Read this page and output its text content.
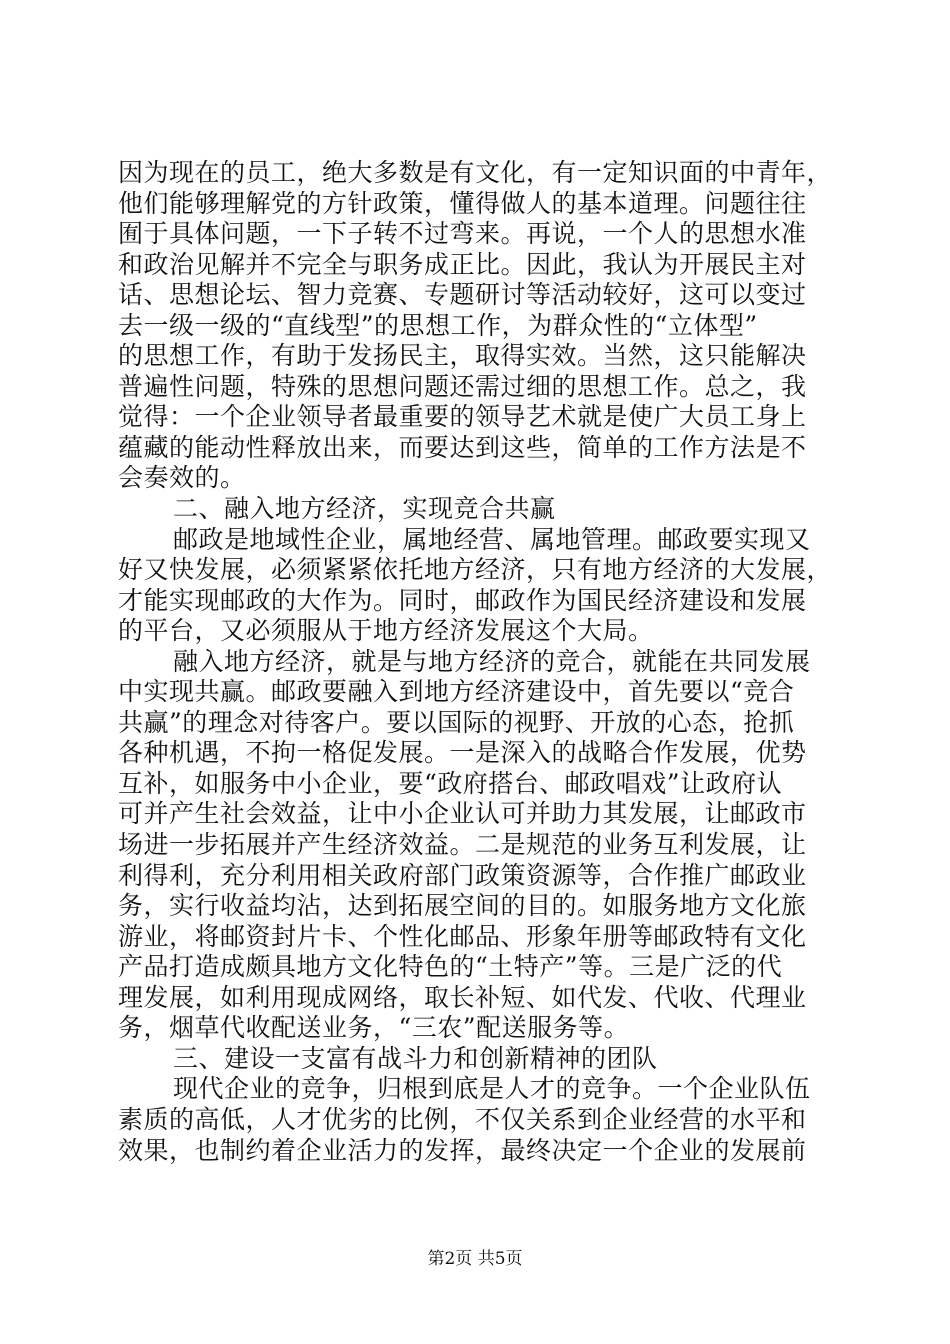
因为现在的员工，绝大多数是有文化，有一定知识面的中青年，
他们能够理解党的方针政策，懂得做人的基本道理。问题往往
囿于具体问题，一下子转不过弯来。再说，一个人的思想水准
和政治见解并不完全与职务成正比。因此，我认为开展民主对
话、思想论坛、智力竞赛、专题研讨等活动较好，这可以变过
去一级一级的“直线型”的思想工作，为群众性的“立体型”
的思想工作，有助于发扬民主，取得实效。当然，这只能解决
普遍性问题，特殊的思想问题还需过细的思想工作。总之，我
觉得：一个企业领导者最重要的领导艺术就是使广大员工身上
蕴藏的能动性释放出来，而要达到这些，简单的工作方法是不
会奏效的。
二、融入地方经济，实现竞合共赢
邮政是地域性企业，属地经营、属地管理。邮政要实现又
好又快发展，必须紧紧依托地方经济，只有地方经济的大发展，
才能实现邮政的大作为。同时，邮政作为国民经济建设和发展
的平台，又必须服从于地方经济发展这个大局。
融入地方经济，就是与地方经济的竞合，就能在共同发展
中实现共赢。邮政要融入到地方经济建设中，首先要以“竞合
共赢”的理念对待客户。要以国际的视野、开放的心态，抢抓
各种机遇，不拘一格促发展。一是深入的战略合作发展，优势
互补，如服务中小企业，要“政府搭台、邮政唱戏”让政府认
可并产生社会效益，让中小企业认可并助力其发展，让邮政市
场进一步拓展并产生经济效益。二是规范的业务互利发展，让
利得利，充分利用相关政府部门政策资源等，合作推广邮政业
务，实行收益均沾，达到拓展空间的目的。如服务地方文化旅
游业，将邮资封片卡、个性化邮品、形象年册等邮政特有文化
产品打造成颇具地方文化特色的“土特产”等。三是广泛的代
理发展，如利用现成网络，取长补短、如代发、代收、代理业
务，烟草代收配送业务，“三农”配送服务等。
三、建设一支富有战斗力和创新精神的团队
现代企业的竞争，归根到底是人才的竞争。一个企业队伍
素质的高低，人才优劣的比例，不仅关系到企业经营的水平和
效果，也制约着企业活力的发挥，最终决定一个企业的发展前
第2页 共5页
